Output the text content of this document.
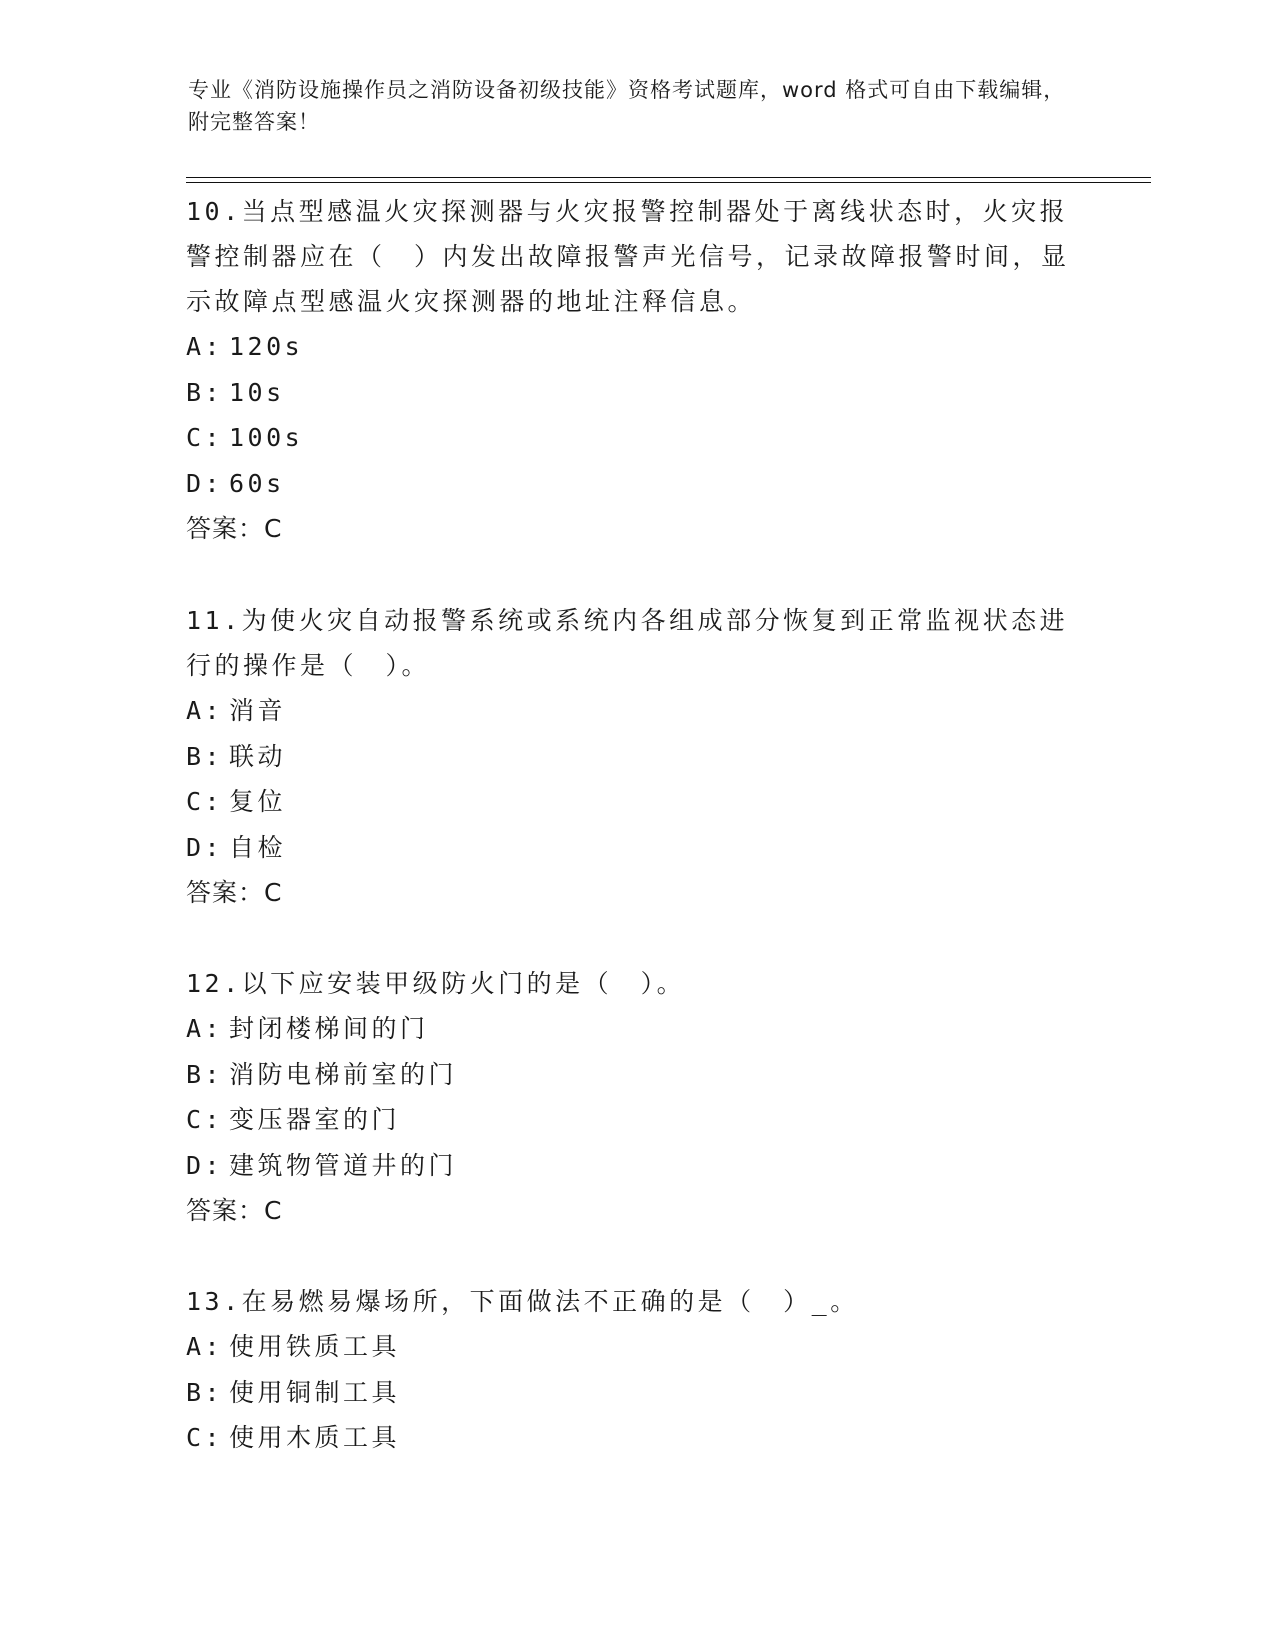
专业《消防设施操作员之消防设备初级技能》资格考试题库，word 格式可自由下载编辑，附完整答案！

10.当点型感温火灾探测器与火灾报警控制器处于离线状态时，火灾报警控制器应在（　）内发出故障报警声光信号，记录故障报警时间，显示故障点型感温火灾探测器的地址注释信息。

A: 120s

B: 10s

C: 100s

D: 60s

答案：C

11.为使火灾自动报警系统或系统内各组成部分恢复到正常监视状态进行的操作是（　）。

A: 消音

B: 联动

C: 复位

D: 自检

答案：C

12.以下应安装甲级防火门的是（　）。

A: 封闭楼梯间的门

B: 消防电梯前室的门

C: 变压器室的门

D: 建筑物管道井的门

答案：C

13.在易燃易爆场所，下面做法不正确的是（　）_。

A: 使用铁质工具

B: 使用铜制工具

C: 使用木质工具
